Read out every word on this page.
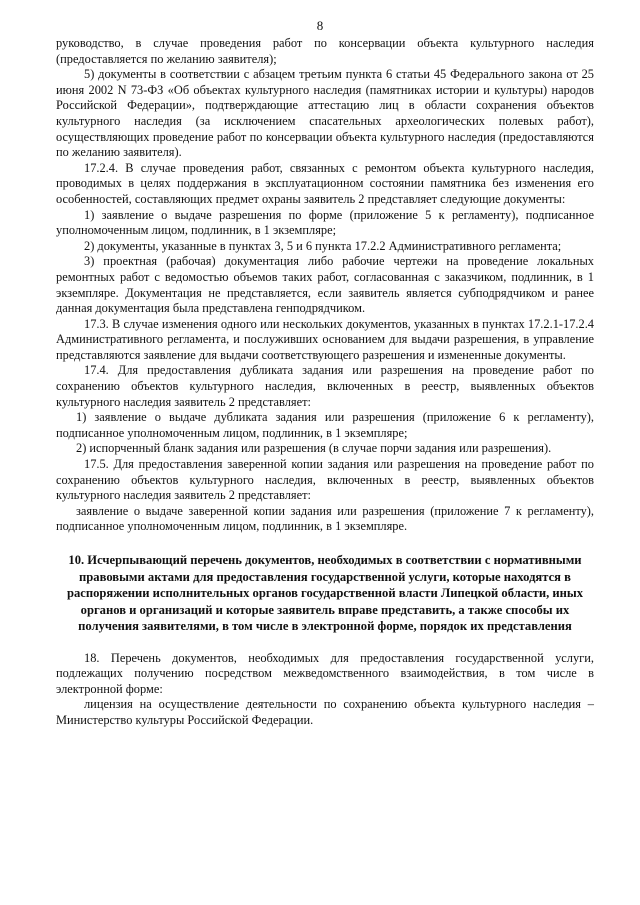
8

руководство, в случае проведения работ по консервации объекта культурного наследия (предоставляется по желанию заявителя);

5) документы в соответствии с абзацем третьим пункта 6 статьи 45 Федерального закона от 25 июня 2002 N 73-ФЗ «Об объектах культурного наследия (памятниках истории и культуры) народов Российской Федерации», подтверждающие аттестацию лиц в области сохранения объектов культурного наследия (за исключением спасательных археологических полевых работ), осуществляющих проведение работ по консервации объекта культурного наследия (предоставляются по желанию заявителя).

17.2.4. В случае проведения работ, связанных с ремонтом объекта культурного наследия, проводимых в целях поддержания в эксплуатационном состоянии памятника без изменения его особенностей, составляющих предмет охраны заявитель 2 представляет следующие документы:

1) заявление о выдаче разрешения по форме (приложение 5 к регламенту), подписанное уполномоченным лицом, подлинник, в 1 экземпляре;

2) документы, указанные в пунктах 3, 5 и 6 пункта 17.2.2 Административного регламента;

3) проектная (рабочая) документация либо рабочие чертежи на проведение локальных ремонтных работ с ведомостью объемов таких работ, согласованная с заказчиком, подлинник, в 1 экземпляре. Документация не представляется, если заявитель является субподрядчиком и ранее данная документация была представлена генподрядчиком.

17.3. В случае изменения одного или нескольких документов, указанных в пунктах 17.2.1-17.2.4 Административного регламента, и послуживших основанием для выдачи разрешения, в управление представляются заявление для выдачи соответствующего разрешения и измененные документы.

17.4. Для предоставления дубликата задания или разрешения на проведение работ по сохранению объектов культурного наследия, включенных в реестр, выявленных объектов культурного наследия заявитель 2 представляет:

1) заявление о выдаче дубликата задания или разрешения (приложение 6 к регламенту), подписанное уполномоченным лицом, подлинник, в 1 экземпляре;

2) испорченный бланк задания или разрешения (в случае порчи задания или разрешения).

17.5. Для предоставления заверенной копии задания или разрешения на проведение работ по сохранению объектов культурного наследия, включенных в реестр, выявленных объектов культурного наследия заявитель 2 представляет:

заявление о выдаче заверенной копии задания или разрешения (приложение 7 к регламенту), подписанное уполномоченным лицом, подлинник, в 1 экземпляре.

10. Исчерпывающий перечень документов, необходимых в соответствии с нормативными правовыми актами для предоставления государственной услуги, которые находятся в распоряжении исполнительных органов государственной власти Липецкой области, иных органов и организаций и которые заявитель вправе представить, а также способы их получения заявителями, в том числе в электронной форме, порядок их представления

18. Перечень документов, необходимых для предоставления государственной услуги, подлежащих получению посредством межведомственного взаимодействия, в том числе в электронной форме:

лицензия на осуществление деятельности по сохранению объекта культурного наследия – Министерство культуры Российской Федерации.
